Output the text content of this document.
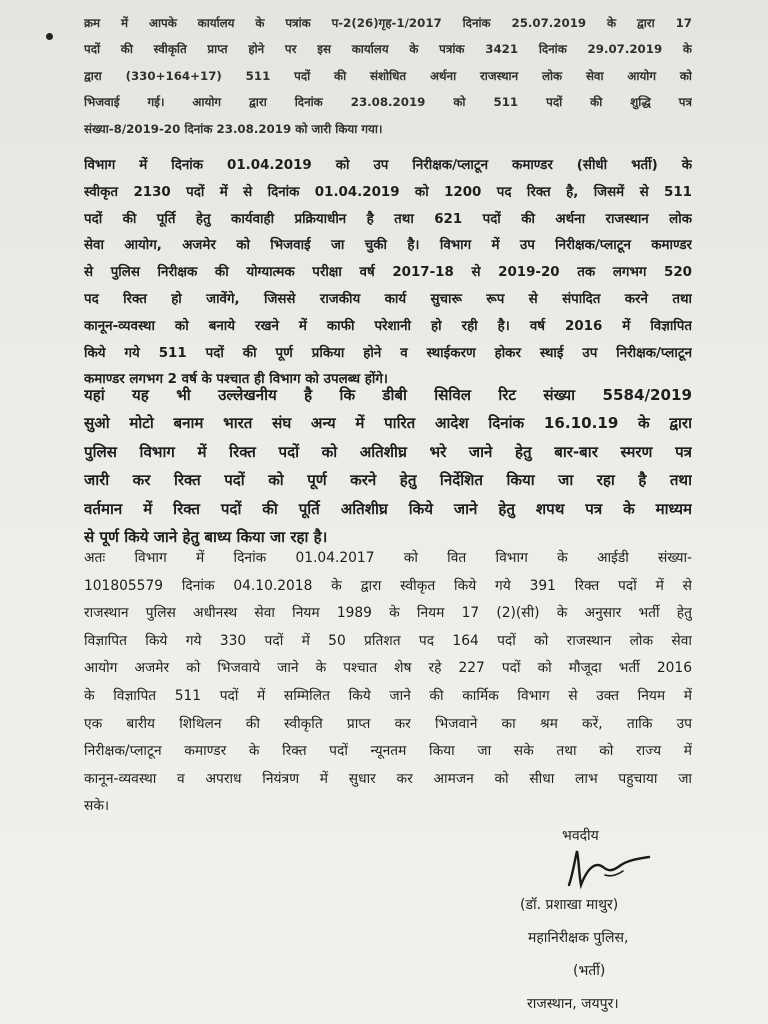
क्रम में आपके कार्यालय के पत्रांक प-2(26)गृह-1/2017 दिनांक 25.07.2019 के द्वारा 17
पदों की स्वीकृति प्राप्त होने पर इस कार्यालय के पत्रांक 3421 दिनांक 29.07.2019 के
द्वारा (330+164+17) 511 पदों की संशोधित अर्थना राजस्थान लोक सेवा आयोग को
भिजवाई गई। आयोग द्वारा दिनांक 23.08.2019 को 511 पदों की शुद्धि पत्र
संख्या-8/2019-20 दिनांक 23.08.2019 को जारी किया गया।
विभाग में दिनांक 01.04.2019 को उप निरीक्षक/प्लाटून कमाण्डर (सीधी भर्ती) के
स्वीकृत 2130 पदों में से दिनांक 01.04.2019 को 1200 पद रिक्त है, जिसमें से 511
पदों की पूर्ति हेतु कार्यवाही प्रक्रियाधीन है तथा 621 पदों की अर्थना राजस्थान लोक
सेवा आयोग, अजमेर को भिजवाई जा चुकी है। विभाग में उप निरीक्षक/प्लाटून कमाण्डर
से पुलिस निरीक्षक की योग्यात्मक परीक्षा वर्ष 2017-18 से 2019-20 तक लगभग 520
पद रिक्त हो जावेंगे, जिससे राजकीय कार्य सुचारू रूप से संपादित करने तथा
कानून-व्यवस्था को बनाये रखने में काफी परेशानी हो रही है। वर्ष 2016 में विज्ञापित
किये गये 511 पदों की पूर्ण प्रकिया होने व स्थाईकरण होकर स्थाई उप निरीक्षक/प्लाटून
कमाण्डर लगभग 2 वर्ष के पश्चात ही विभाग को उपलब्ध होंगे।
यहां यह भी उल्लेखनीय है कि डीबी सिविल रिट संख्या 5584/2019
सुओ मोटो बनाम भारत संघ अन्य में पारित आदेश दिनांक 16.10.19 के द्वारा
पुलिस विभाग में रिक्त पदों को अतिशीघ्र भरे जाने हेतु बार-बार स्मरण पत्र
जारी कर रिक्त पदों को पूर्ण करने हेतु निर्देशित किया जा रहा है तथा
वर्तमान में रिक्त पदों की पूर्ति अतिशीघ्र किये जाने हेतु शपथ पत्र के माध्यम
से पूर्ण किये जाने हेतु बाध्य किया जा रहा है।
अतः विभाग में दिनांक 01.04.2017 को वित विभाग के आईडी संख्या-
101805579 दिनांक 04.10.2018 के द्वारा स्वीकृत किये गये 391 रिक्त पदों में से
राजस्थान पुलिस अधीनस्थ सेवा नियम 1989 के नियम 17 (2)(सी) के अनुसार भर्ती हेतु
विज्ञापित किये गये 330 पदों में 50 प्रतिशत पद 164 पदों को राजस्थान लोक सेवा
आयोग अजमेर को भिजवाये जाने के पश्चात शेष रहे 227 पदों को मौजूदा भर्ती 2016
के विज्ञापित 511 पदों में सम्मिलित किये जाने की कार्मिक विभाग से उक्त नियम में
एक बारीय शिथिलन की स्वीकृति प्राप्त कर भिजवाने का श्रम करें, ताकि उप
निरीक्षक/प्लाटून कमाण्डर के रिक्त पदों न्यूनतम किया जा सके तथा को राज्य में
कानून-व्यवस्था व अपराध नियंत्रण में सुधार कर आमजन को सीधा लाभ पहुचाया जा
सके।
भवदीय
(डॉ. प्रशाखा माथुर)
महानिरीक्षक पुलिस,
(भर्ती)
राजस्थान, जयपुर।
